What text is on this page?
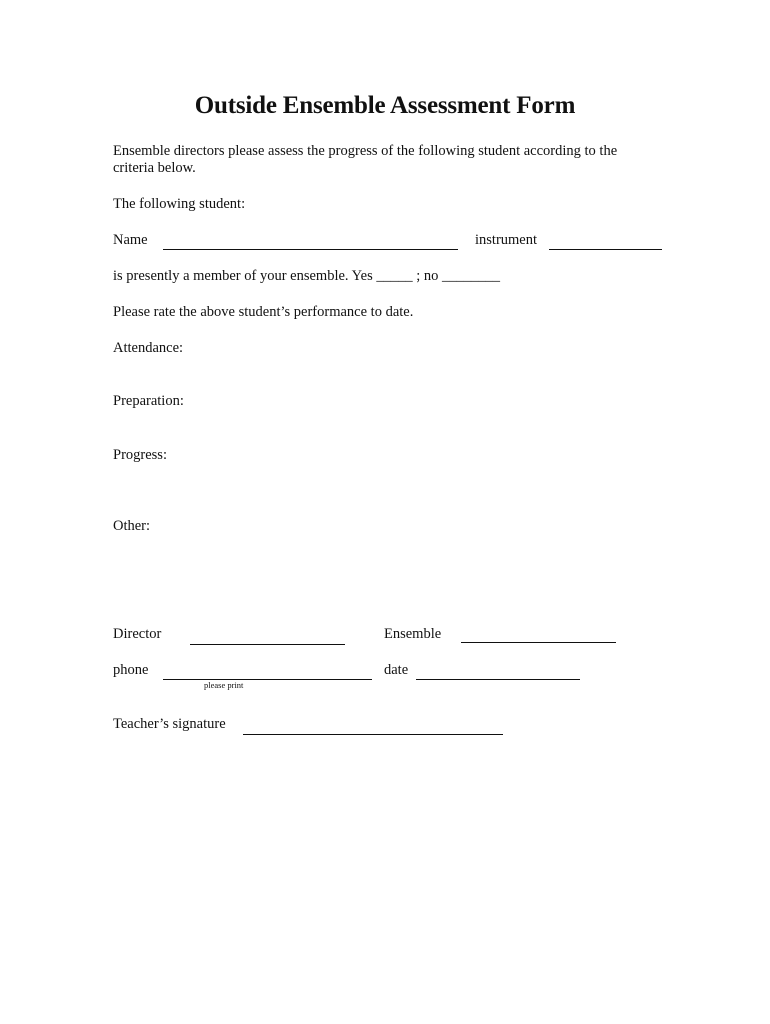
Outside Ensemble Assessment Form
Ensemble directors please assess the progress of the following student according to the
criteria below.
The following student:
Name	instrument
is presently a member of your ensemble. Yes _____ ; no ________
Please rate the above student’s performance to date.
Attendance:
Preparation:
Progress:
Other:
Director	Ensemble
phone
please print
date
Teacher’s signature
